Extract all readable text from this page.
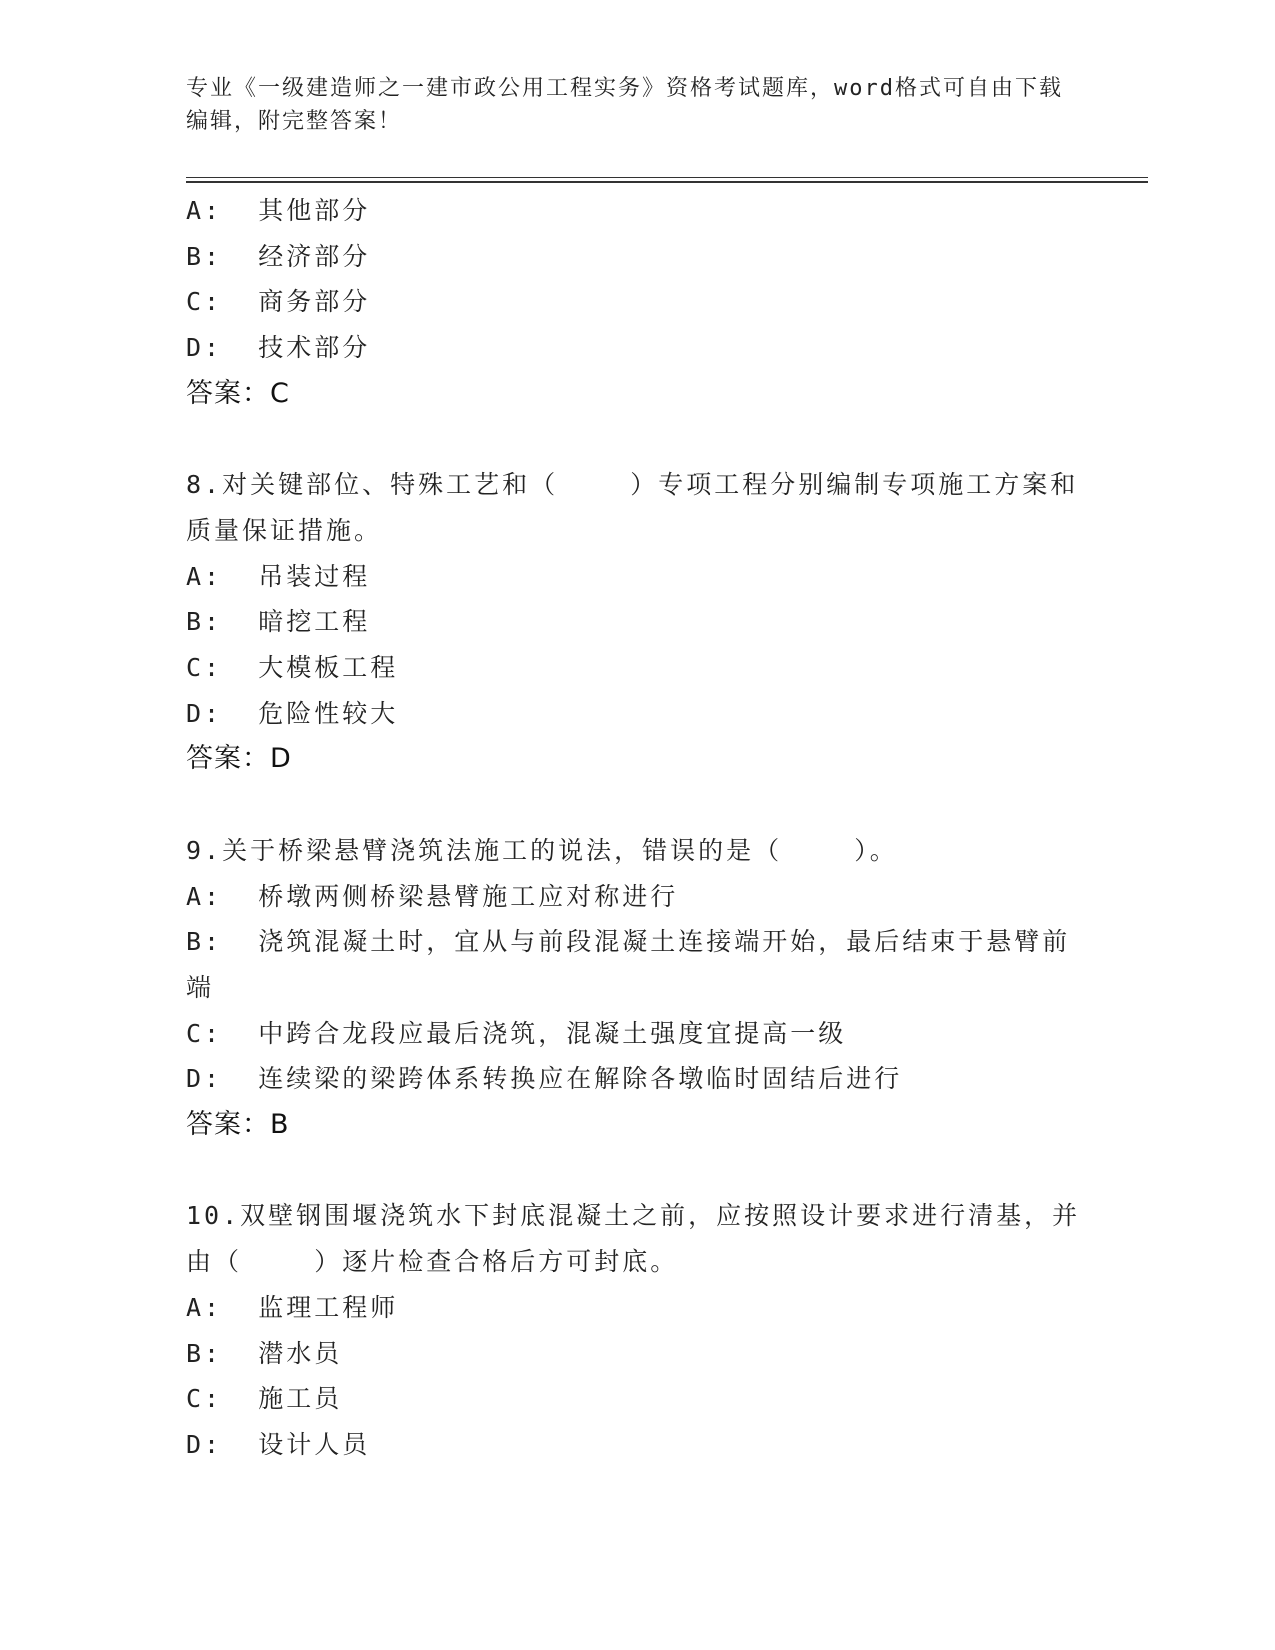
专业《一级建造师之一建市政公用工程实务》资格考试题库，word格式可自由下载编辑，附完整答案！
A:  其他部分
B:  经济部分
C:  商务部分
D:  技术部分
答案：C
8.对关键部位、特殊工艺和（    ）专项工程分别编制专项施工方案和质量保证措施。
A:  吊装过程
B:  暗挖工程
C:  大模板工程
D:  危险性较大
答案：D
9.关于桥梁悬臂浇筑法施工的说法，错误的是（    ）。
A:  桥墩两侧桥梁悬臂施工应对称进行
B:  浇筑混凝土时，宜从与前段混凝土连接端开始，最后结束于悬臂前端
C:  中跨合龙段应最后浇筑，混凝土强度宜提高一级
D:  连续梁的梁跨体系转换应在解除各墩临时固结后进行
答案：B
10.双壁钢围堰浇筑水下封底混凝土之前，应按照设计要求进行清基，并由（    ）逐片检查合格后方可封底。
A:  监理工程师
B:  潜水员
C:  施工员
D:  设计人员
